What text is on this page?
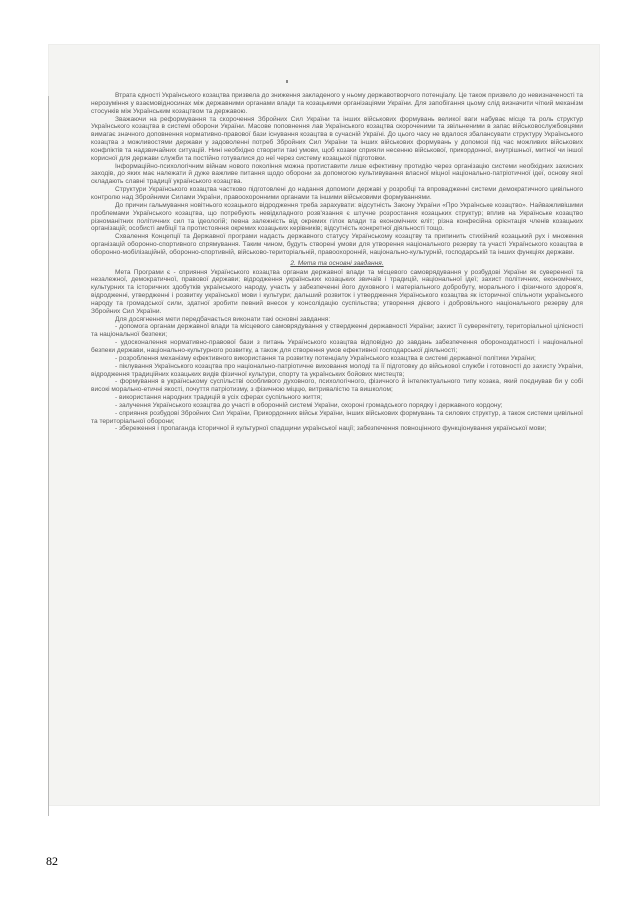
Втрата єдності Українського козацтва призвела до зниження закладеного у ньому державотворчого потенціалу. Це також призвело до невизначеності та нерозуміння у взаємовідносинах між державними органами влади та козацькими організаціями України. Для запобігання цьому слід визначити чіткий механізм стосунків між Українським козацтвом та державою.

Зважаючи на реформування та скорочення Збройних Сил України та інших військових формувань великої ваги набуває місце та роль структур Українського козацтва в системі оборони України. Масове поповнення лав Українського козацтва скороченими та звільненими в запас військовослужбовцями вимагає значного доповнення нормативно-правової бази існування козацтва в сучасній Україні. До цього часу не вдалося збалансувати структуру Українського козацтва з можливостями держави у задоволенні потреб Збройних Сил України та інших військових формувань у допомозі під час можливих військових конфліктів та надзвичайних ситуацій. Нині необхідно створити такі умови, щоб козаки сприяли несенню військової, прикордонної, внутрішньої, митної чи іншої корисної для держави служби та постійно готувалися до неї через систему козацької підготовки.

Інформаційно-психологічним війнам нового покоління можна протиставити лише ефективну протидію через організацію системи необхідних захисних заходів, до яких має належати й дуже важливе питання щодо оборони за допомогою культивування власної міцної національно-патріотичної ідеї, основу якої складають славні традиції українського козацтва.

Структури Українського козацтва частково підготовлені до надання допомоги державі у розробці та впровадженні системи демократичного цивільного контролю над Збройними Силами України, правоохоронними органами та іншими військовими формуваннями.

До причин гальмування новітнього козацького відродження треба зарахувати: відсутність Закону України «Про Українське козацтво». Найважливішими проблемами Українського козацтва, що потребують невідкладного розв'язання є штучне розростання козацьких структур; вплив на Українське козацтво різноманітних політичних сил та ідеологій; певна залежність від окремих гілок влади та економічних еліт; різна конфесійна орієнтація членів козацьких організацій; особисті амбіції та протистояння окремих козацьких керівників; відсутність конкретної діяльності тощо.

Схвалення Концепції та Державної програми надасть державного статусу Українському козацтву та припинить стихійний козацький рух і множення організацій оборонно-спортивного спрямування. Таким чином, будуть створені умови для утворення національного резерву та участі Українського козацтва в оборонно-мобілізаційній, оборонно-спортивній, військово-територіальній, правоохоронній, національно-культурній, господарській та інших функціях держави.

2. Мета та основні завдання.

Мета Програми є - сприяння Українського козацтва органам державної влади та місцевого самоврядування у розбудові України як суверенної та незалежної, демократичної, правової держави; відродження українських козацьких звичаїв і традицій, національної ідеї; захист політичних, економічних, культурних та історичних здобутків українського народу, участь у забезпеченні його духовного і матеріального добробуту, морального і фізичного здоров'я, відродженні, утвердженні і розвитку української мови і культури; дальший розвиток і утвердження Українського козацтва як історичної спільноти українського народу та громадської сили, здатної зробити певний внесок у консолідацію суспільства; утворення дієвого і добровільного національного резерву для Збройних Сил України.

Для досягнення мети передбачається виконати такі основні завдання:

- допомога органам державної влади та місцевого самоврядування у ствердженні державності України; захист її суверенітету, територіальної цілісності та національної безпеки;

- удосконалення нормативно-правової бази з питань Українського козацтва відповідно до завдань забезпечення обороноздатності і національної безпеки держави, національно-культурного розвитку, а також для створення умов ефективної господарської діяльності;

- розроблення механізму ефективного використання та розвитку потенціалу Українського козацтва в системі державної політики України;

- піклування Українського козацтва про національно-патріотичне виховання молоді та її підготовку до військової служби і готовності до захисту України, відродження традиційних козацьких видів фізичної культури, спорту та українських бойових мистецтв;

- формування в українському суспільстві особливого духовного, психологічного, фізичного й інтелектуального типу козака, який поєднував би у собі високі морально-етичні якості, почуття патріотизму, з фізичною міццю, витривалістю та вишколом;

- використання народних традицій в усіх сферах суспільного життя;

- залучення Українського козацтва до участі в оборонній системі України, охороні громадського порядку і державного кордону;

- сприяння розбудові Збройних Сил України, Прикордонних військ України, інших військових формувань та силових структур, а також системи цивільної та територіальної оборони;

- збереження і пропаганда історичної й культурної спадщини української нації; забезпечення повноцінного функціонування української мови;

82
